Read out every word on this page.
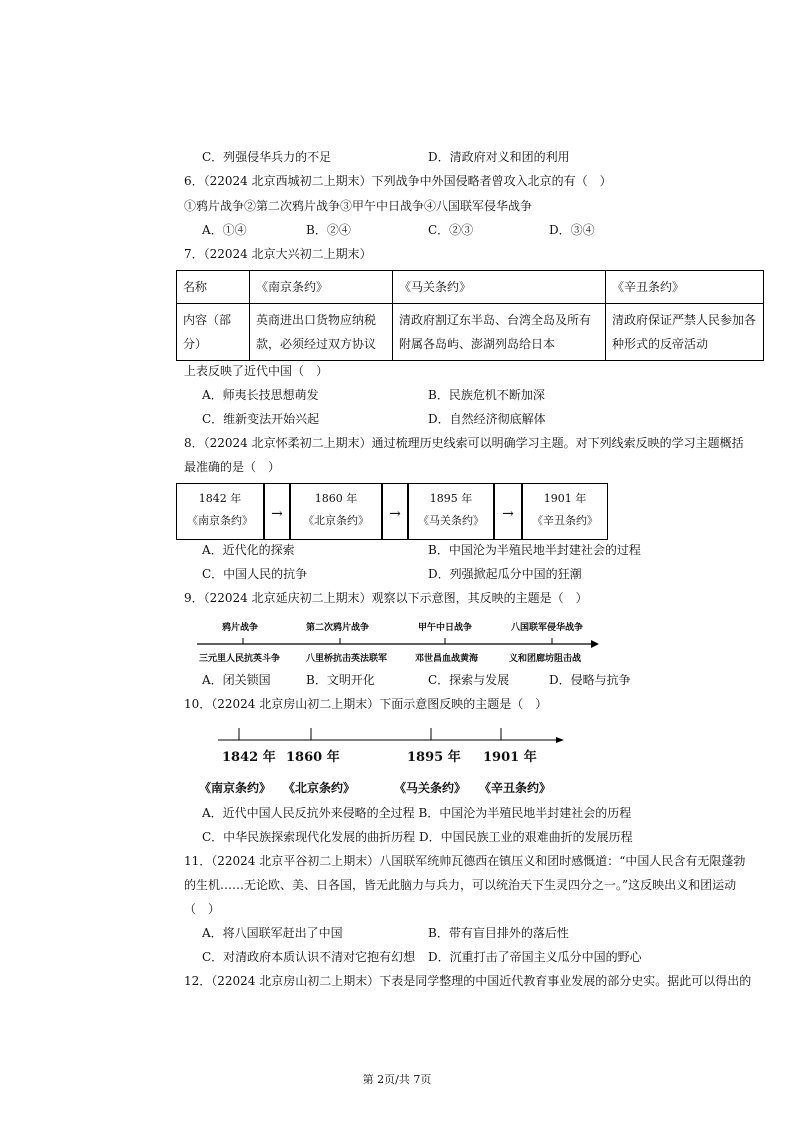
C．列强侵华兵力的不足	D．清政府对义和团的利用
6．（22024 北京西城初二上期末）下列战争中外国侵略者曾攻入北京的有（　）
①鸦片战争②第二次鸦片战争③甲午中日战争④八国联军侵华战争
A．①④	B．②④	C．②③	D．③④
7．（22024 北京大兴初二上期末）
名称	《南京条约》	《马关条约》	《辛丑条约》
内容（部分）	英商进出口货物应纳税款，必须经过双方协议	清政府割辽东半岛、台湾全岛及所有附属各岛屿、澎湖列岛给日本	清政府保证严禁人民参加各种形式的反帝活动
上表反映了近代中国（　）
A．师夷长技思想萌发	B．民族危机不断加深
C．维新变法开始兴起	D．自然经济彻底解体
8．（22024 北京怀柔初二上期末）通过梳理历史线索可以明确学习主题。对下列线索反映的学习主题概括
最准确的是（　）
1842 年
《南京条约》	→
1860 年
《北京条约》	→
1895 年
《马关条约》	→
1901 年
《辛丑条约》
A．近代化的探索	B．中国沦为半殖民地半封建社会的过程
C．中国人民的抗争	D．列强掀起瓜分中国的狂潮
9．（22024 北京延庆初二上期末）观察以下示意图，其反映的主题是（　）
鸦片战争	第二次鸦片战争	甲午中日战争	八国联军侵华战争
三元里人民抗英斗争	八里桥抗击英法联军	邓世昌血战黄海	义和团廊坊阻击战
A．闭关锁国	B．文明开化	C．探索与发展	D．侵略与抗争
10．（22024 北京房山初二上期末）下面示意图反映的主题是（　）
1842 年 1860 年	1895 年 1901 年
《南京条约》 《北京条约》	《马关条约》 《辛丑条约》
A．近代中国人民反抗外来侵略的全过程 B．中国沦为半殖民地半封建社会的历程
C．中华民族探索现代化发展的曲折历程 D．中国民族工业的艰难曲折的发展历程
11．（22024 北京平谷初二上期末）八国联军统帅瓦德西在镇压义和团时感慨道：“中国人民含有无限蓬勃
的生机……无论欧、美、日各国，皆无此脑力与兵力，可以统治天下生灵四分之一。”这反映出义和团运动
（　）
A．将八国联军赶出了中国	B．带有盲目排外的落后性
C．对清政府本质认识不清对它抱有幻想 D．沉重打击了帝国主义瓜分中国的野心
12．（22024 北京房山初二上期末）下表是同学整理的中国近代教育事业发展的部分史实。据此可以得出的
第 2页/共 7页
